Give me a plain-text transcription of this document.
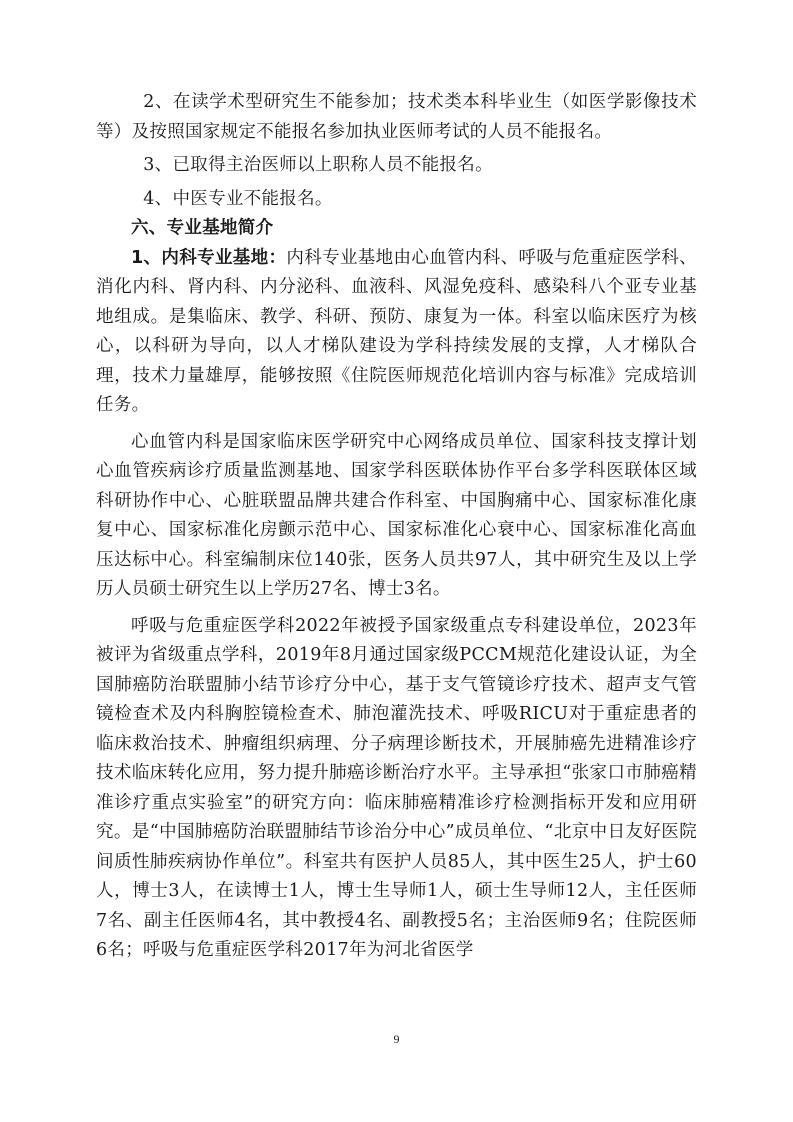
2、在读学术型研究生不能参加；技术类本科毕业生（如医学影像技术等）及按照国家规定不能报名参加执业医师考试的人员不能报名。

3、已取得主治医师以上职称人员不能报名。

4、中医专业不能报名。

六、专业基地简介

1、内科专业基地：内科专业基地由心血管内科、呼吸与危重症医学科、消化内科、肾内科、内分泌科、血液科、风湿免疫科、感染科八个亚专业基地组成。是集临床、教学、科研、预防、康复为一体。科室以临床医疗为核心，以科研为导向，以人才梯队建设为学科持续发展的支撑，人才梯队合理，技术力量雄厚，能够按照《住院医师规范化培训内容与标准》完成培训任务。

心血管内科是国家临床医学研究中心网络成员单位、国家科技支撑计划心血管疾病诊疗质量监测基地、国家学科医联体协作平台多学科医联体区域科研协作中心、心脏联盟品牌共建合作科室、中国胸痛中心、国家标准化康复中心、国家标准化房颤示范中心、国家标准化心衰中心、国家标准化高血压达标中心。科室编制床位140张，医务人员共97人，其中研究生及以上学历人员硕士研究生以上学历27名、博士3名。

呼吸与危重症医学科2022年被授予国家级重点专科建设单位，2023年被评为省级重点学科，2019年8月通过国家级PCCM规范化建设认证，为全国肺癌防治联盟肺小结节诊疗分中心，基于支气管镜诊疗技术、超声支气管镜检查术及内科胸腔镜检查术、肺泡灌洗技术、呼吸RICU对于重症患者的临床救治技术、肿瘤组织病理、分子病理诊断技术，开展肺癌先进精准诊疗技术临床转化应用，努力提升肺癌诊断治疗水平。主导承担“张家口市肺癌精准诊疗重点实验室”的研究方向：临床肺癌精准诊疗检测指标开发和应用研究。是“中国肺癌防治联盟肺结节诊治分中心”成员单位、“北京中日友好医院间质性肺疾病协作单位”。科室共有医护人员85人，其中医生25人，护士60人，博士3人，在读博士1人，博士生导师1人，硕士生导师12人，主任医师7名、副主任医师4名，其中教授4名、副教授5名；主治医师9名；住院医师6名；呼吸与危重症医学科2017年为河北省医学

9
